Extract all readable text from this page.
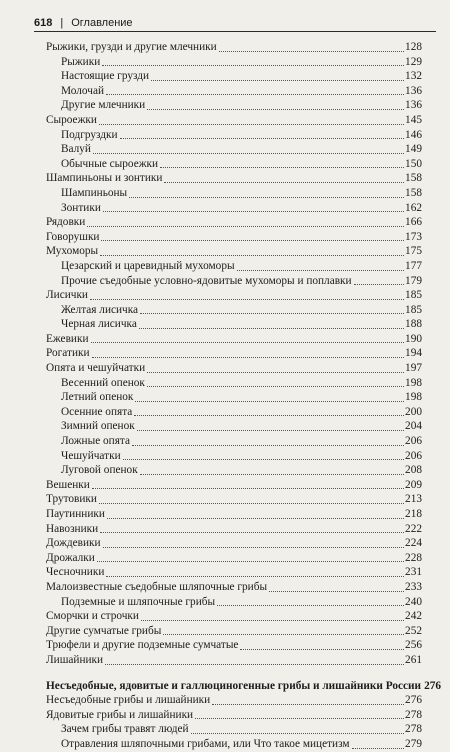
618 | Оглавление
Рыжики, грузди и другие млечники	128
Рыжики	129
Настоящие грузди	132
Молочай	136
Другие млечники	136
Сыроежки	145
Подгруздки	146
Валуй	149
Обычные сыроежки	150
Шампиньоны и зонтики	158
Шампиньоны	158
Зонтики	162
Рядовки	166
Говорушки	173
Мухоморы	175
Цезарский и царевидный мухоморы	177
Прочие съедобные условно-ядовитые мухоморы и поплавки	179
Лисички	185
Желтая лисичка	185
Черная лисичка	188
Ежевики	190
Рогатики	194
Опята и чешуйчатки	197
Весенний опенок	198
Летний опенок	198
Осенние опята	200
Зимний опенок	204
Ложные опята	206
Чешуйчатки	206
Луговой опенок	208
Вешенки	209
Трутовики	213
Паутинники	218
Навозники	222
Дождевики	224
Дрожалки	228
Чесночники	231
Малоизвестные съедобные шляпочные грибы	233
Подземные и шляпочные грибы	240
Сморчки и строчки	242
Другие сумчатые грибы	252
Трюфели и другие подземные сумчатые	256
Лишайники	261
Несъедобные, ядовитые и галлюциногенные грибы и лишайники России 276
Несъедобные грибы и лишайники	276
Ядовитые грибы и лишайники	278
Зачем грибы травят людей	278
Отравления шляпочными грибами, или Что такое мицетизм	279
